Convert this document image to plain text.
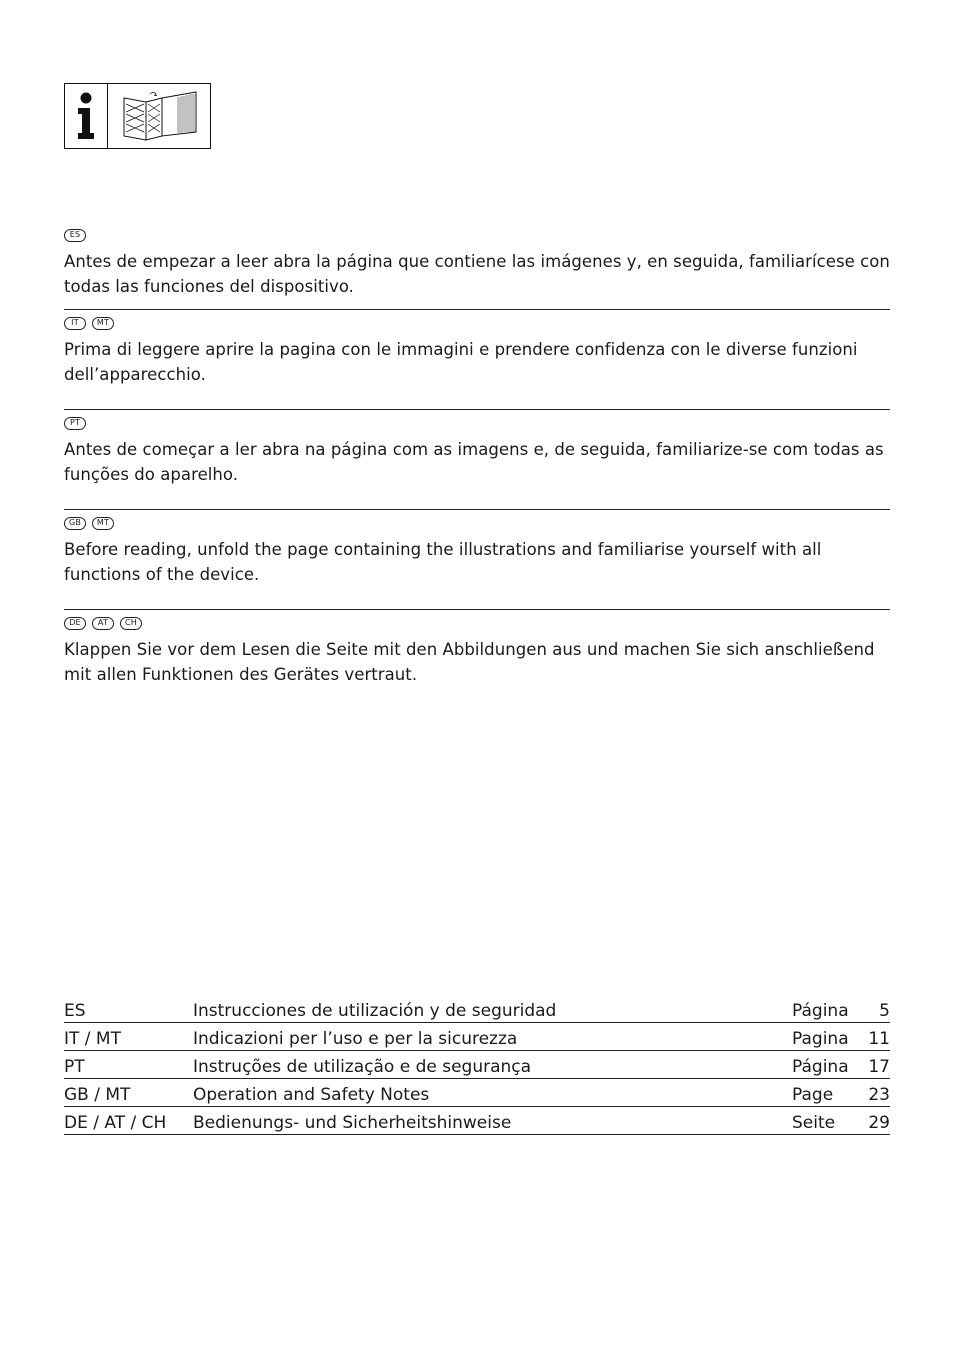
ES
Antes de empezar a leer abra la página que contiene las imágenes y, en seguida, familiarícese con todas las funciones del dispositivo.
IT	MT
Prima di leggere aprire la pagina con le immagini e prendere confidenza con le diverse funzioni dell’apparecchio.
PT
Antes de começar a ler abra na página com as imagens e, de seguida, familiarize-se com todas as funções do aparelho.
GB	MT
Before reading, unfold the page containing the illustrations and familiarise yourself with all functions of the device.
DE	AT	CH
Klappen Sie vor dem Lesen die Seite mit den Abbildungen aus und machen Sie sich anschließend mit allen Funktionen des Gerätes vertraut.
ES	Instrucciones de utilización y de seguridad	Página	5
IT / MT	Indicazioni per l’uso e per la sicurezza	Pagina	11
PT	Instruções de utilização e de segurança	Página	17
GB / MT	Operation and Safety Notes	Page	23
DE / AT / CH	Bedienungs- und Sicherheitshinweise	Seite	29
